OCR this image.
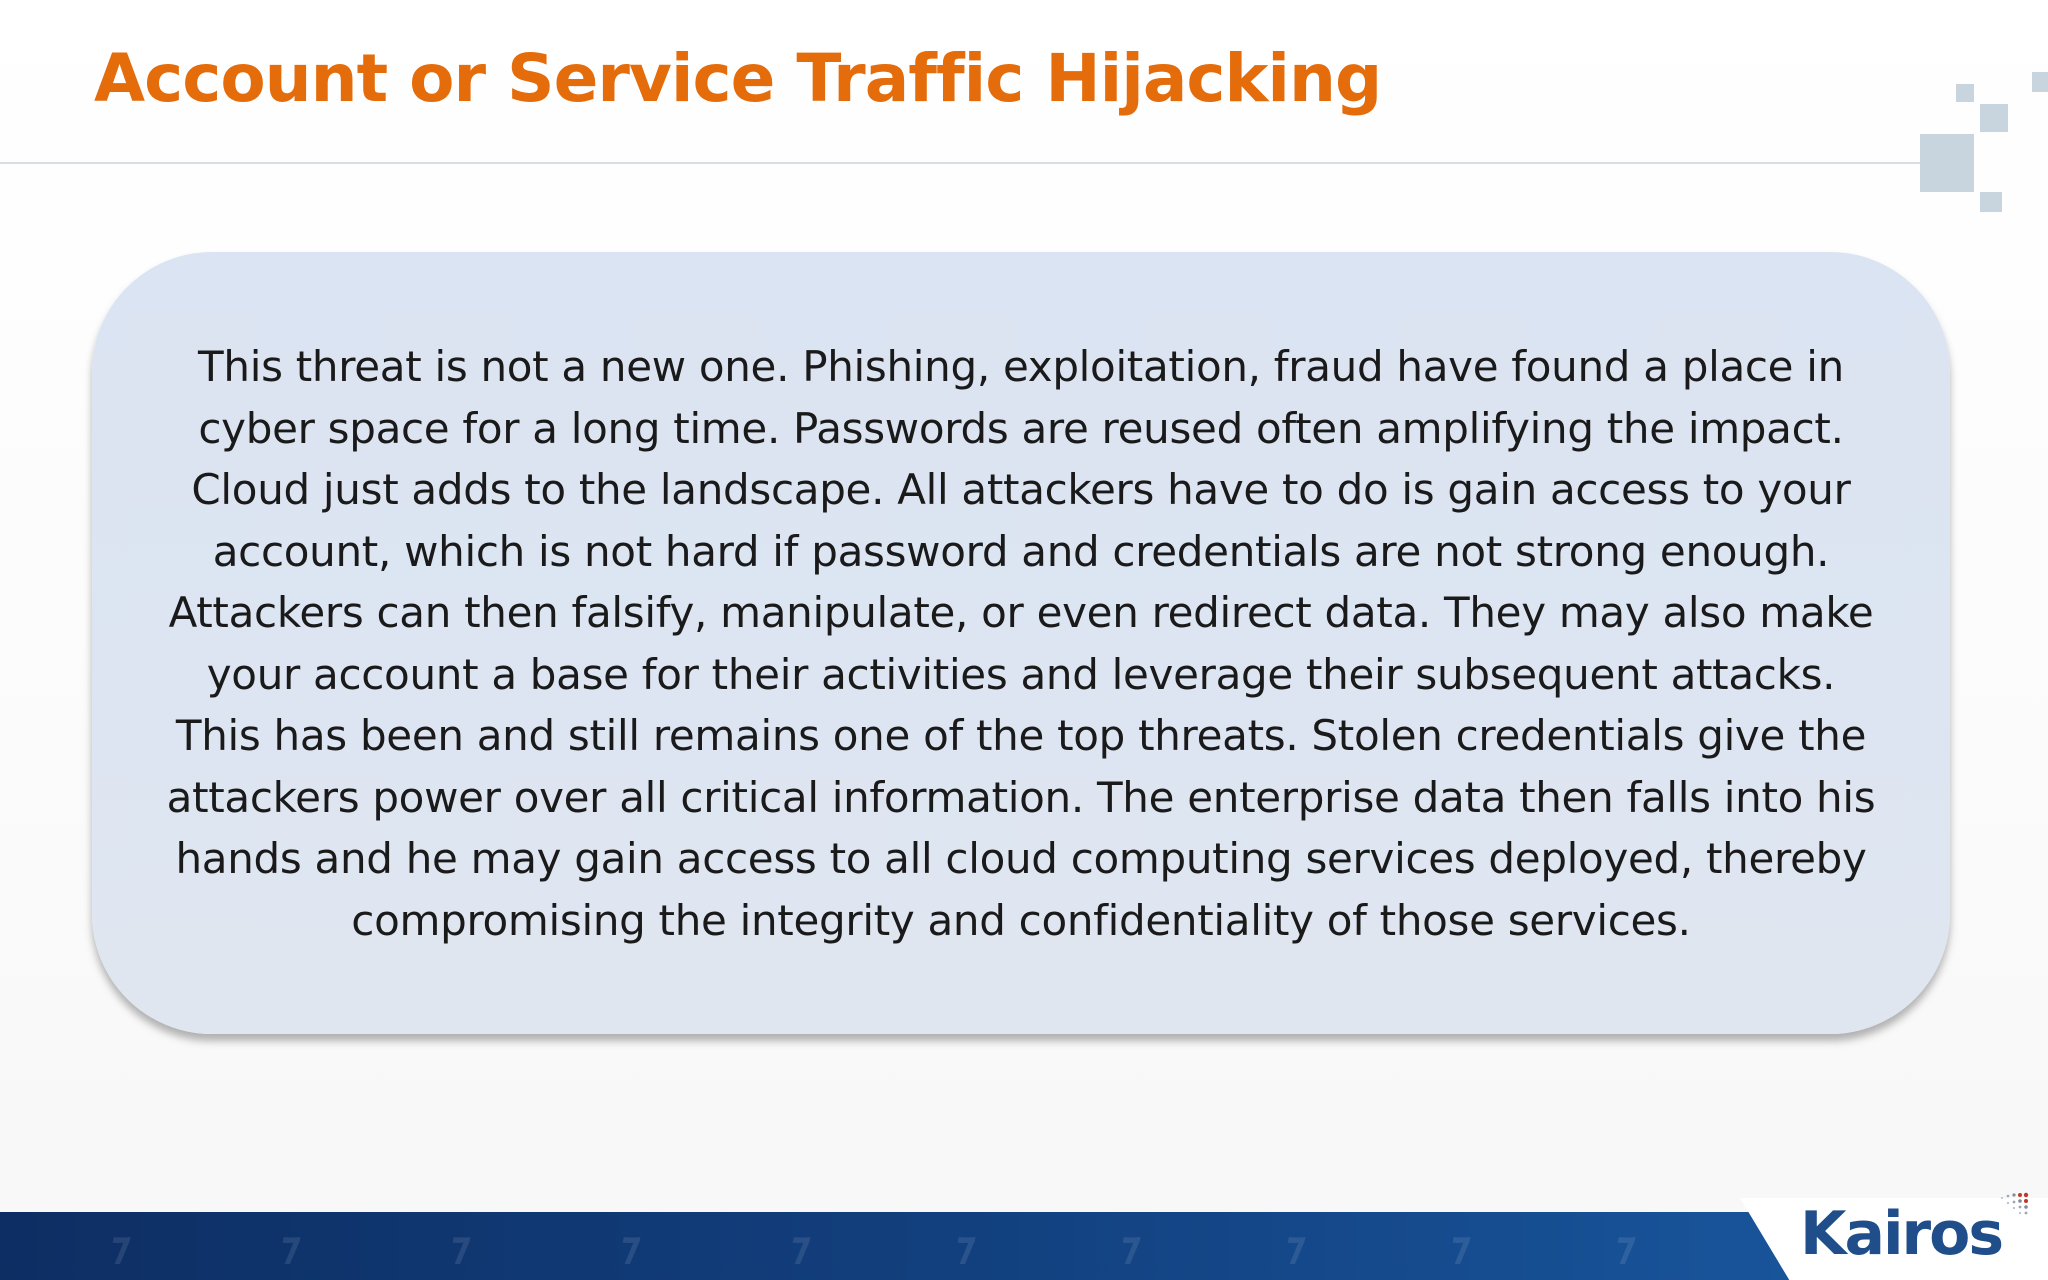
Account or Service Traffic Hijacking

This threat is not a new one. Phishing, exploitation, fraud have found a place in cyber space for a long time. Passwords are reused often amplifying the impact. Cloud just adds to the landscape. All attackers have to do is gain access to your account, which is not hard if password and credentials are not strong enough. Attackers can then falsify, manipulate, or even redirect data. They may also make your account a base for their activities and leverage their subsequent attacks. This has been and still remains one of the top threats. Stolen credentials give the attackers power over all critical information. The enterprise data then falls into his hands and he may gain access to all cloud computing services deployed, thereby compromising the integrity and confidentiality of those services.

⁊	⁊	⁊	⁊	⁊	⁊	⁊	⁊	⁊	⁊	Kairos
